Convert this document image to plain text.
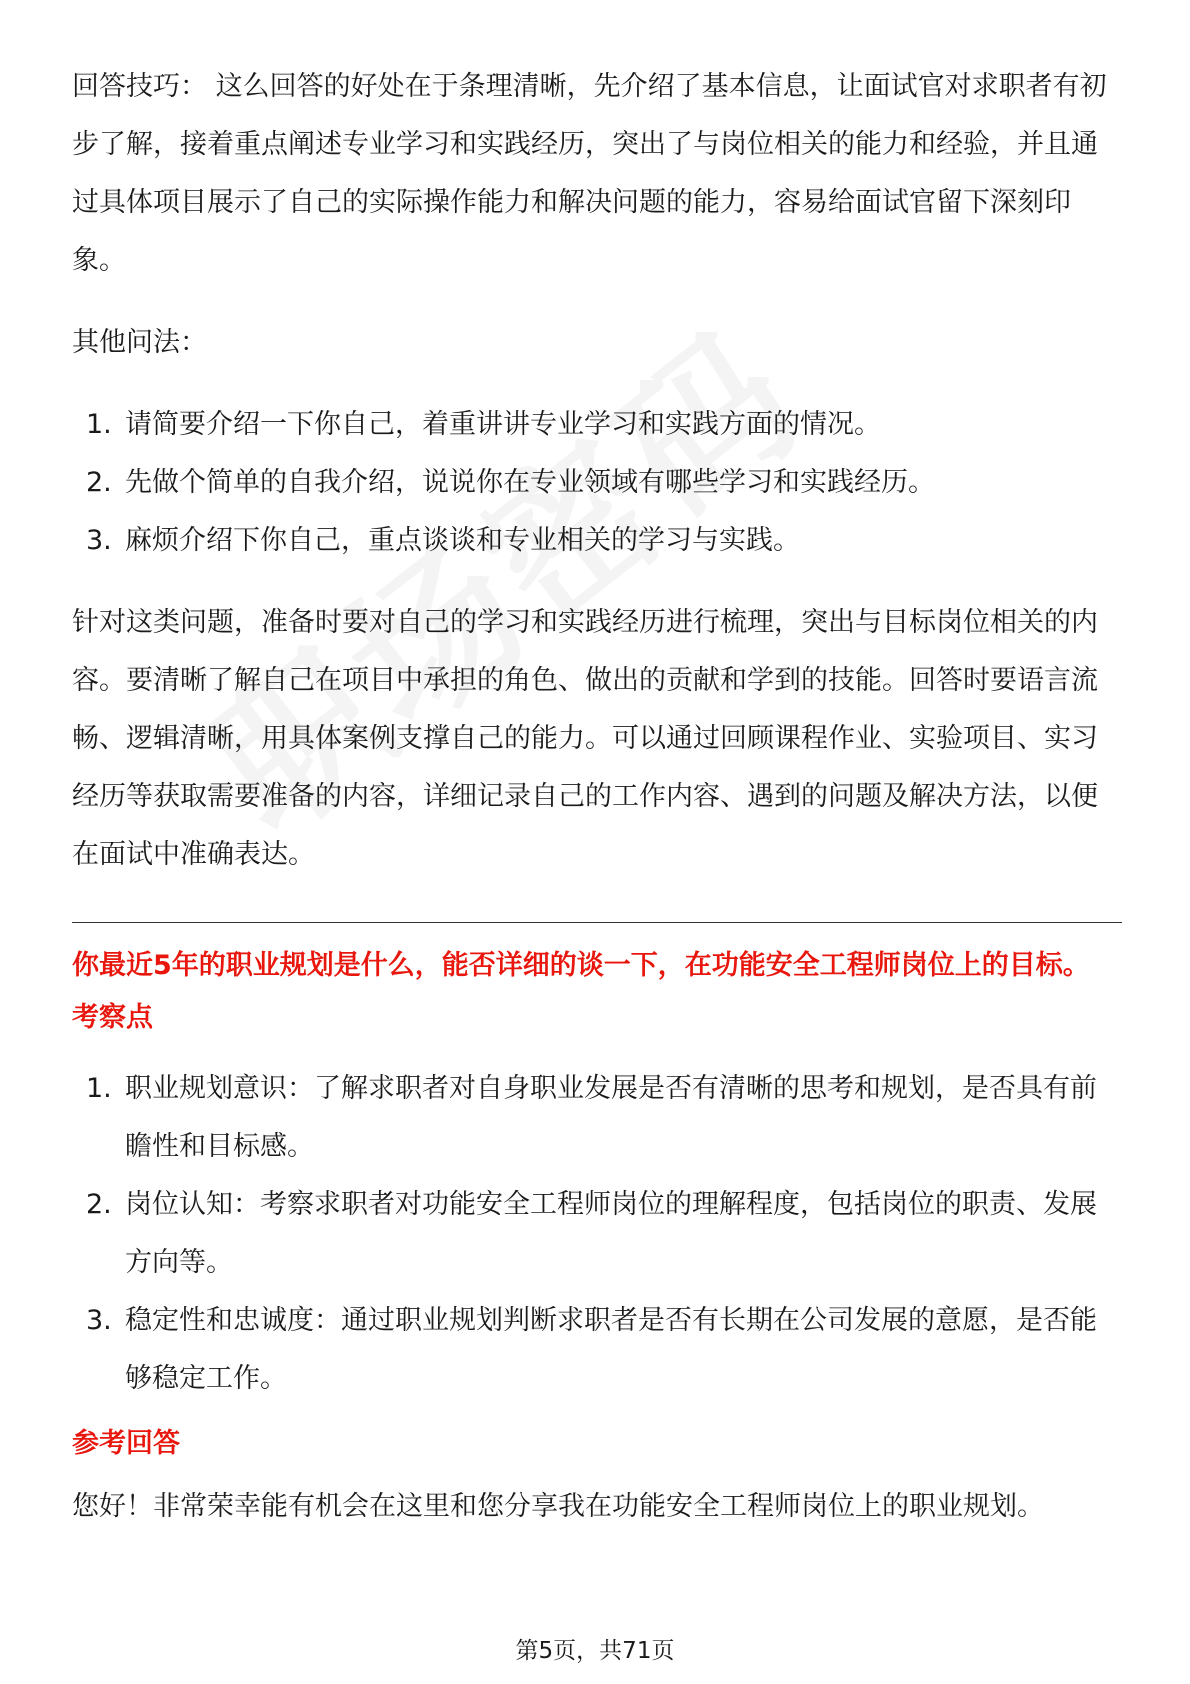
回答技巧： 这么回答的好处在于条理清晰，先介绍了基本信息，让面试官对求职者有初步了解，接着重点阐述专业学习和实践经历，突出了与岗位相关的能力和经验，并且通过具体项目展示了自己的实际操作能力和解决问题的能力，容易给面试官留下深刻印象。

其他问法：

1. 请简要介绍一下你自己，着重讲讲专业学习和实践方面的情况。
2. 先做个简单的自我介绍，说说你在专业领域有哪些学习和实践经历。
3. 麻烦介绍下你自己，重点谈谈和专业相关的学习与实践。

针对这类问题，准备时要对自己的学习和实践经历进行梳理，突出与目标岗位相关的内容。要清晰了解自己在项目中承担的角色、做出的贡献和学到的技能。回答时要语言流畅、逻辑清晰，用具体案例支撑自己的能力。可以通过回顾课程作业、实验项目、实习经历等获取需要准备的内容，详细记录自己的工作内容、遇到的问题及解决方法，以便在面试中准确表达。

你最近5年的职业规划是什么，能否详细的谈一下，在功能安全工程师岗位上的目标。

考察点

1. 职业规划意识：了解求职者对自身职业发展是否有清晰的思考和规划，是否具有前瞻性和目标感。
2. 岗位认知：考察求职者对功能安全工程师岗位的理解程度，包括岗位的职责、发展方向等。
3. 稳定性和忠诚度：通过职业规划判断求职者是否有长期在公司发展的意愿，是否能够稳定工作。

参考回答

您好！非常荣幸能有机会在这里和您分享我在功能安全工程师岗位上的职业规划。

第5页，共71页
